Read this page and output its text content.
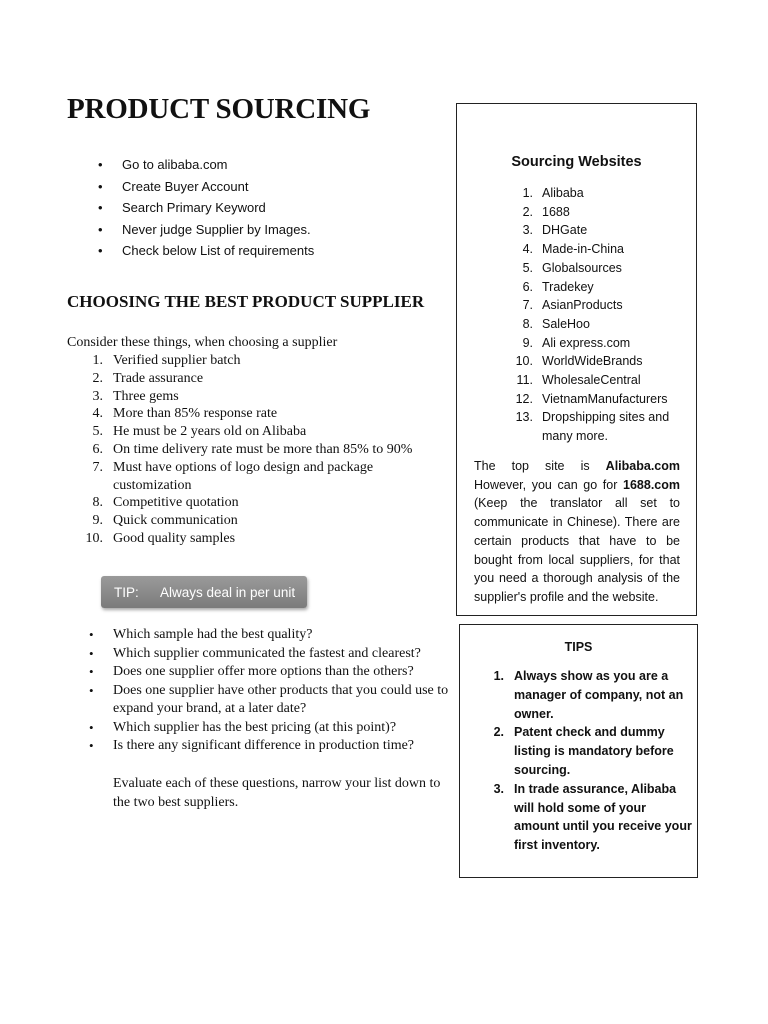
PRODUCT SOURCING
• Go to alibaba.com
• Create Buyer Account
• Search Primary Keyword
• Never judge Supplier by Images.
• Check below List of requirements
CHOOSING THE BEST PRODUCT SUPPLIER
Consider these things, when choosing a supplier
1. Verified supplier batch
2. Trade assurance
3. Three gems
4. More than 85% response rate
5. He must be 2 years old on Alibaba
6. On time delivery rate must be more than 85% to 90%
7. Must have options of logo design and package customization
8. Competitive quotation
9. Quick communication
10. Good quality samples
TIP:	Always deal in per unit
• Which sample had the best quality?
• Which supplier communicated the fastest and clearest?
• Does one supplier offer more options than the others?
• Does one supplier have other products that you could use to expand your brand, at a later date?
• Which supplier has the best pricing (at this point)?
• Is there any significant difference in production time?
Evaluate each of these questions, narrow your list down to the two best suppliers.
Sourcing Websites
1. Alibaba
2. 1688
3. DHGate
4. Made-in-China
5. Globalsources
6. Tradekey
7. AsianProducts
8. SaleHoo
9. Ali express.com
10. WorldWideBrands
11. WholesaleCentral
12. VietnamManufacturers
13. Dropshipping sites and many more.
The top site is Alibaba.com However, you can go for 1688.com (Keep the translator all set to communicate in Chinese). There are certain products that have to be bought from local suppliers, for that you need a thorough analysis of the supplier's profile and the website.
TIPS
1. Always show as you are a manager of company, not an owner.
2. Patent check and dummy listing is mandatory before sourcing.
3. In trade assurance, Alibaba will hold some of your amount until you receive your first inventory.
